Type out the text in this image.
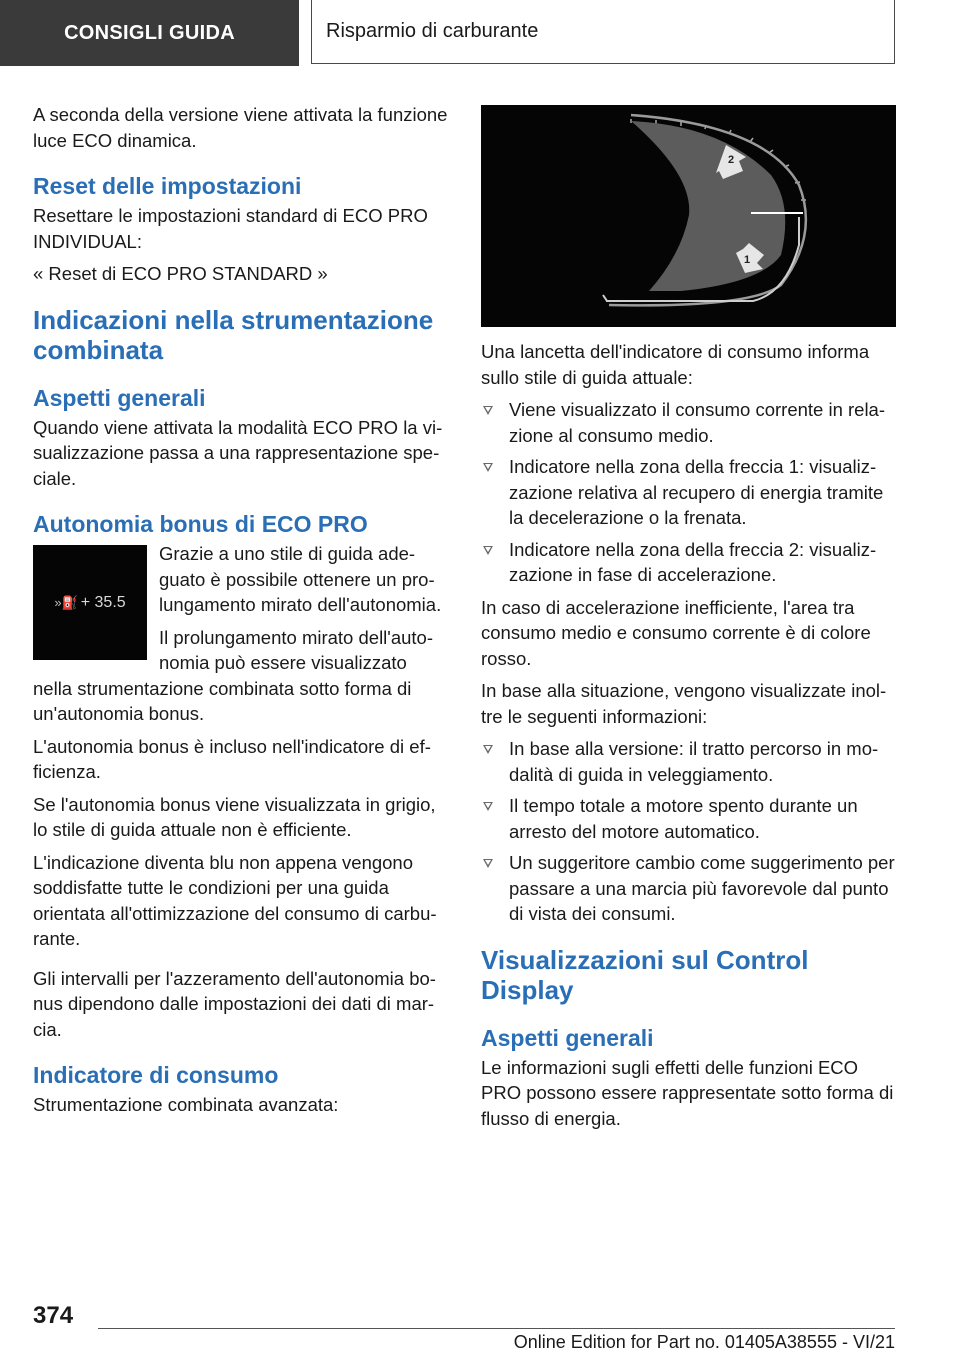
CONSIGLI GUIDA	Risparmio di carburante

A seconda della versione viene attivata la funzione luce ECO dinamica.

Reset delle impostazioni

Resettare le impostazioni standard di ECO PRO INDIVIDUAL:

« Reset di ECO PRO STANDARD »

Indicazioni nella strumentazione combinata
Aspetti generali

Quando viene attivata la modalità ECO PRO la visualizzazione passa a una rappresentazione speciale.

Autonomia bonus di ECO PRO
»⛽ + 35.5

Grazie a uno stile di guida adeguato è possibile ottenere un prolungamento mirato dell'autonomia.

Il prolungamento mirato dell'autonomia può essere visualizzato nella strumentazione combinata sotto forma di un'autonomia bonus.

L'autonomia bonus è incluso nell'indicatore di efficienza.

Se l'autonomia bonus viene visualizzata in grigio, lo stile di guida attuale non è efficiente.

L'indicazione diventa blu non appena vengono soddisfatte tutte le condizioni per una guida orientata all'ottimizzazione del consumo di carburante.

Gli intervalli per l'azzeramento dell'autonomia bonus dipendono dalle impostazioni dei dati di marcia.

Indicatore di consumo

Strumentazione combinata avanzata:

2
1

Una lancetta dell'indicatore di consumo informa sullo stile di guida attuale:

Viene visualizzato il consumo corrente in relazione al consumo medio.
Indicatore nella zona della freccia 1: visualizzazione relativa al recupero di energia tramite la decelerazione o la frenata.
Indicatore nella zona della freccia 2: visualizzazione in fase di accelerazione.

In caso di accelerazione inefficiente, l'area tra consumo medio e consumo corrente è di colore rosso.

In base alla situazione, vengono visualizzate inoltre le seguenti informazioni:

In base alla versione: il tratto percorso in modalità di guida in veleggiamento.
Il tempo totale a motore spento durante un arresto del motore automatico.
Un suggeritore cambio come suggerimento per passare a una marcia più favorevole dal punto di vista dei consumi.
Visualizzazioni sul Control Display
Aspetti generali

Le informazioni sugli effetti delle funzioni ECO PRO possono essere rappresentate sotto forma di flusso di energia.

374
Online Edition for Part no. 01405A38555 - VI/21
